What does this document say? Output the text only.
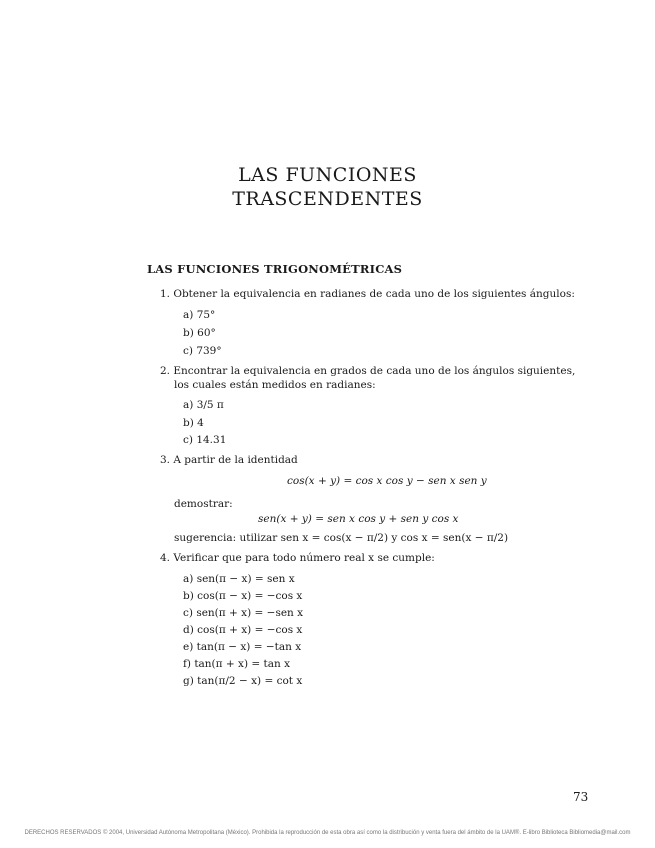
LAS FUNCIONES
TRASCENDENTES
LAS FUNCIONES TRIGONOMÉTRICAS
1. Obtener la equivalencia en radianes de cada uno de los siguientes ángulos:
a) 75°
b) 60°
c) 739°
2. Encontrar la equivalencia en grados de cada uno de los ángulos siguientes,
los cuales están medidos en radianes:
a) 3/5 π
b) 4
c) 14.31
3. A partir de la identidad
cos(x + y) = cos x cos y − sen x sen y
demostrar:
sen(x + y) = sen x cos y + sen y cos x
sugerencia: utilizar sen x = cos(x − π/2) y cos x = sen(x − π/2)
4. Verificar que para todo número real x se cumple:
a) sen(π − x) = sen x
b) cos(π − x) = −cos x
c) sen(π + x) = −sen x
d) cos(π + x) = −cos x
e) tan(π − x) = −tan x
f) tan(π + x) = tan x
g) tan(π/2 − x) = cot x
73
DERECHOS RESERVADOS © 2004, Universidad Autónoma Metropolitana (México). Prohibida la reproducción de esta obra así como la distribución y venta fuera del ámbito de la UAM®. E-libro Biblioteca Bibliomedia@mail.com
